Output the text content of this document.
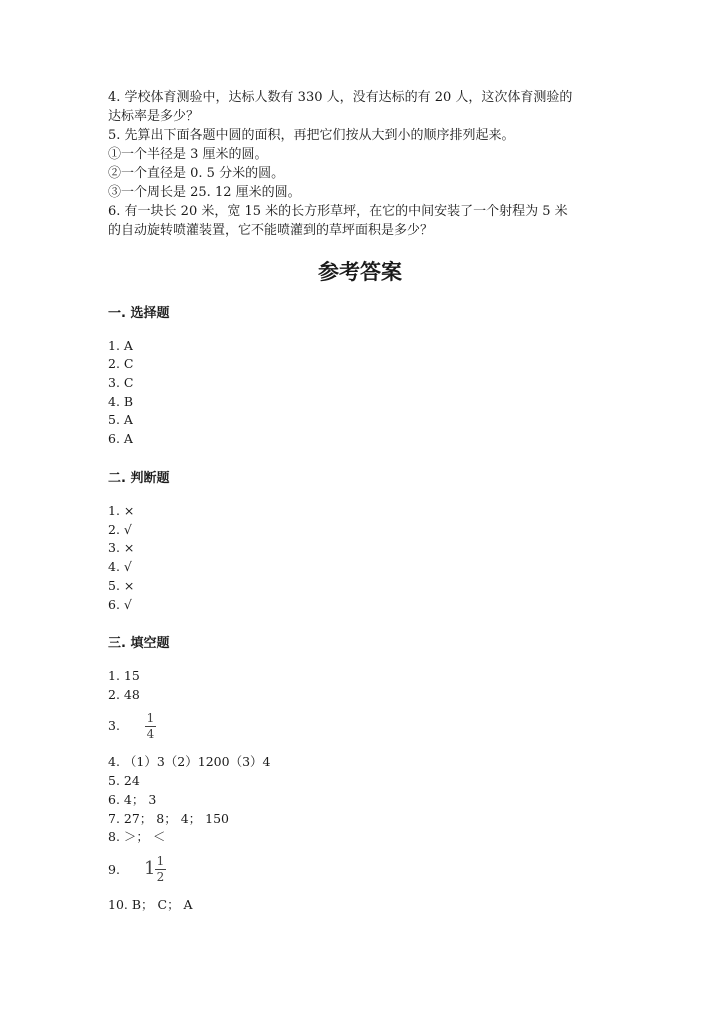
4. 学校体育测验中，达标人数有 330 人，没有达标的有 20 人，这次体育测验的
达标率是多少？
5. 先算出下面各题中圆的面积，再把它们按从大到小的顺序排列起来。
①一个半径是 3 厘米的圆。
②一个直径是 0. 5 分米的圆。
③一个周长是 25. 12 厘米的圆。
6. 有一块长 20 米，宽 15 米的长方形草坪，在它的中间安装了一个射程为 5 米
的自动旋转喷灌装置，它不能喷灌到的草坪面积是多少？
参考答案
一. 选择题
1. A
2. C
3. C
4. B
5. A
6. A
二. 判断题
1. ×
2. √
3. ×
4. √
5. ×
6. √
三. 填空题
1. 15
2. 48
3. 1
4
4. （1）3（2）1200（3）4
5. 24
6. 4； 3
7. 27； 8； 4； 150
8. ＞； ＜
9. 1 1
2
10. B； C； A
